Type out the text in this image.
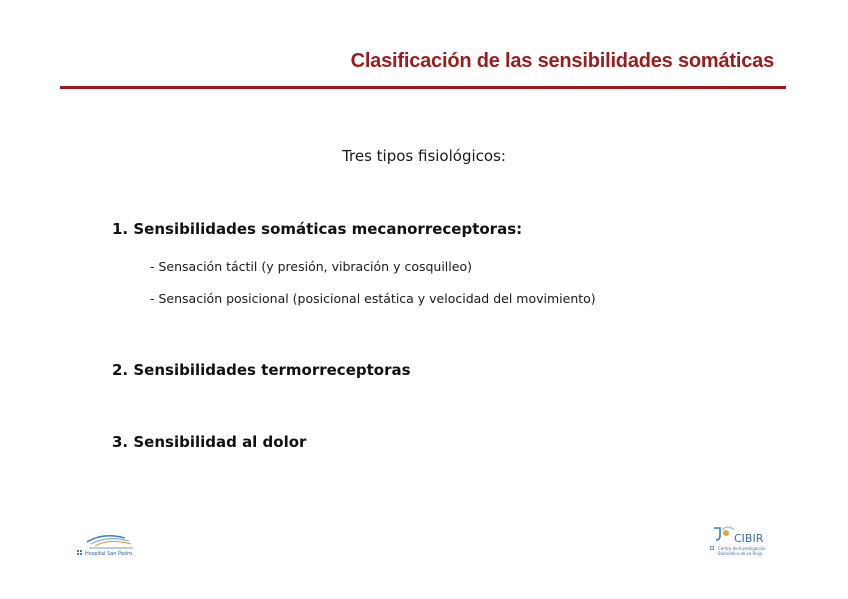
Clasificación de las sensibilidades somáticas
Tres tipos fisiológicos:
1. Sensibilidades somáticas mecanorreceptoras:
- Sensación táctil (y presión, vibración y cosquilleo)
- Sensación posicional (posicional estática y velocidad del movimiento)
2. Sensibilidades termorreceptoras
3. Sensibilidad al dolor
Hospital San Pedro
CIBIR
Centro de Investigación
Biomédica de La Rioja
